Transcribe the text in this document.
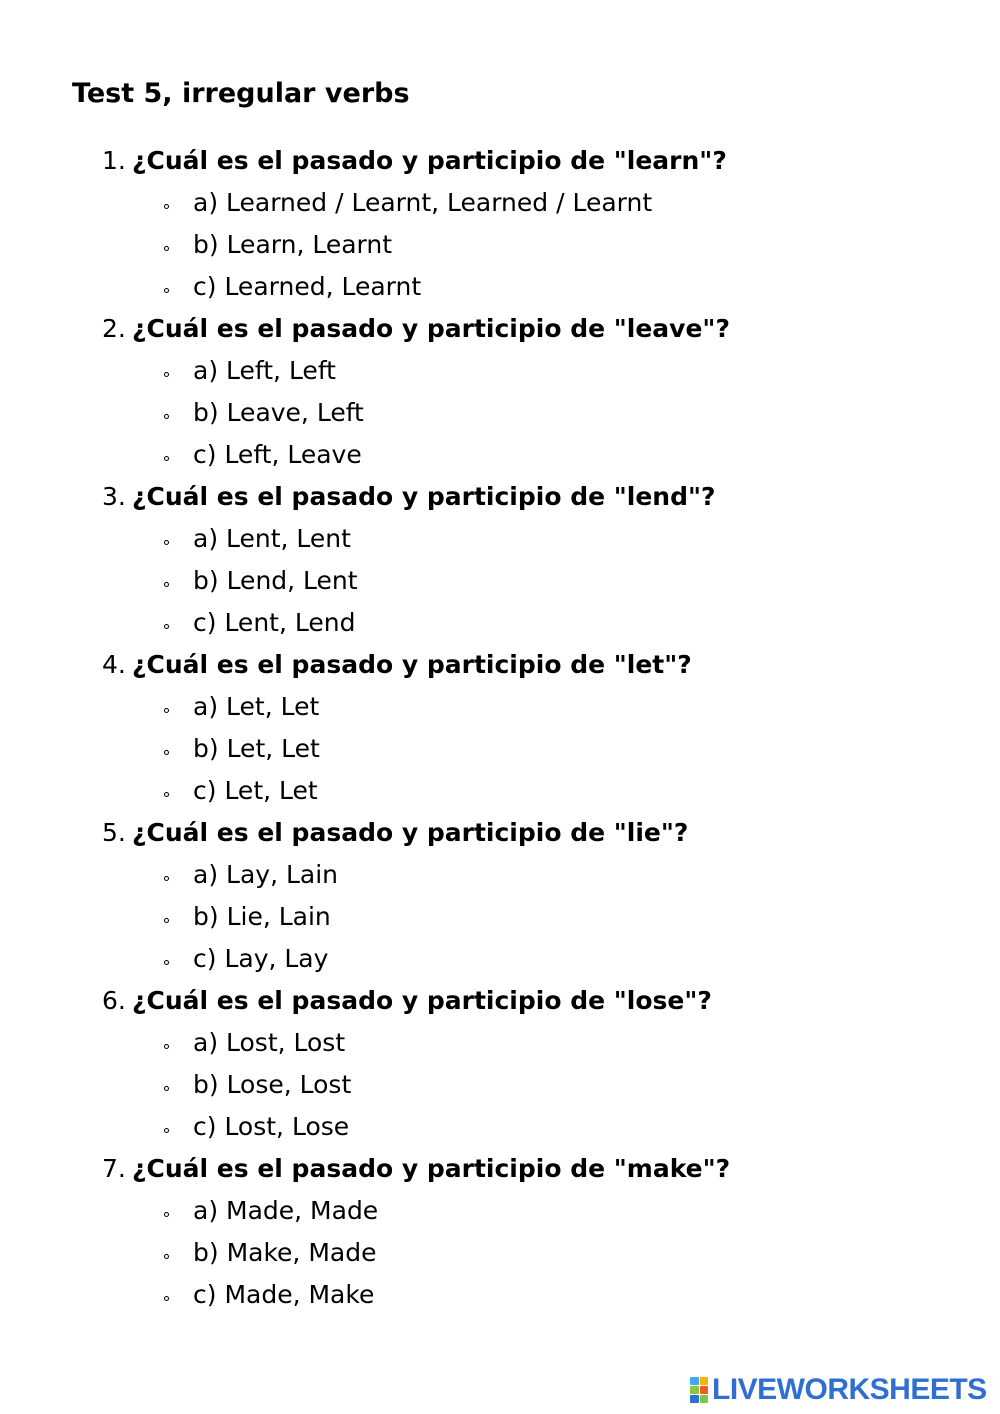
Test 5, irregular verbs
1. ¿Cuál es el pasado y participio de "learn"?
a) Learned / Learnt, Learned / Learnt
b) Learn, Learnt
c) Learned, Learnt
2. ¿Cuál es el pasado y participio de "leave"?
a) Left, Left
b) Leave, Left
c) Left, Leave
3. ¿Cuál es el pasado y participio de "lend"?
a) Lent, Lent
b) Lend, Lent
c) Lent, Lend
4. ¿Cuál es el pasado y participio de "let"?
a) Let, Let
b) Let, Let
c) Let, Let
5. ¿Cuál es el pasado y participio de "lie"?
a) Lay, Lain
b) Lie, Lain
c) Lay, Lay
6. ¿Cuál es el pasado y participio de "lose"?
a) Lost, Lost
b) Lose, Lost
c) Lost, Lose
7. ¿Cuál es el pasado y participio de "make"?
a) Made, Made
b) Make, Made
c) Made, Make
LIVEWORKSHEETS
